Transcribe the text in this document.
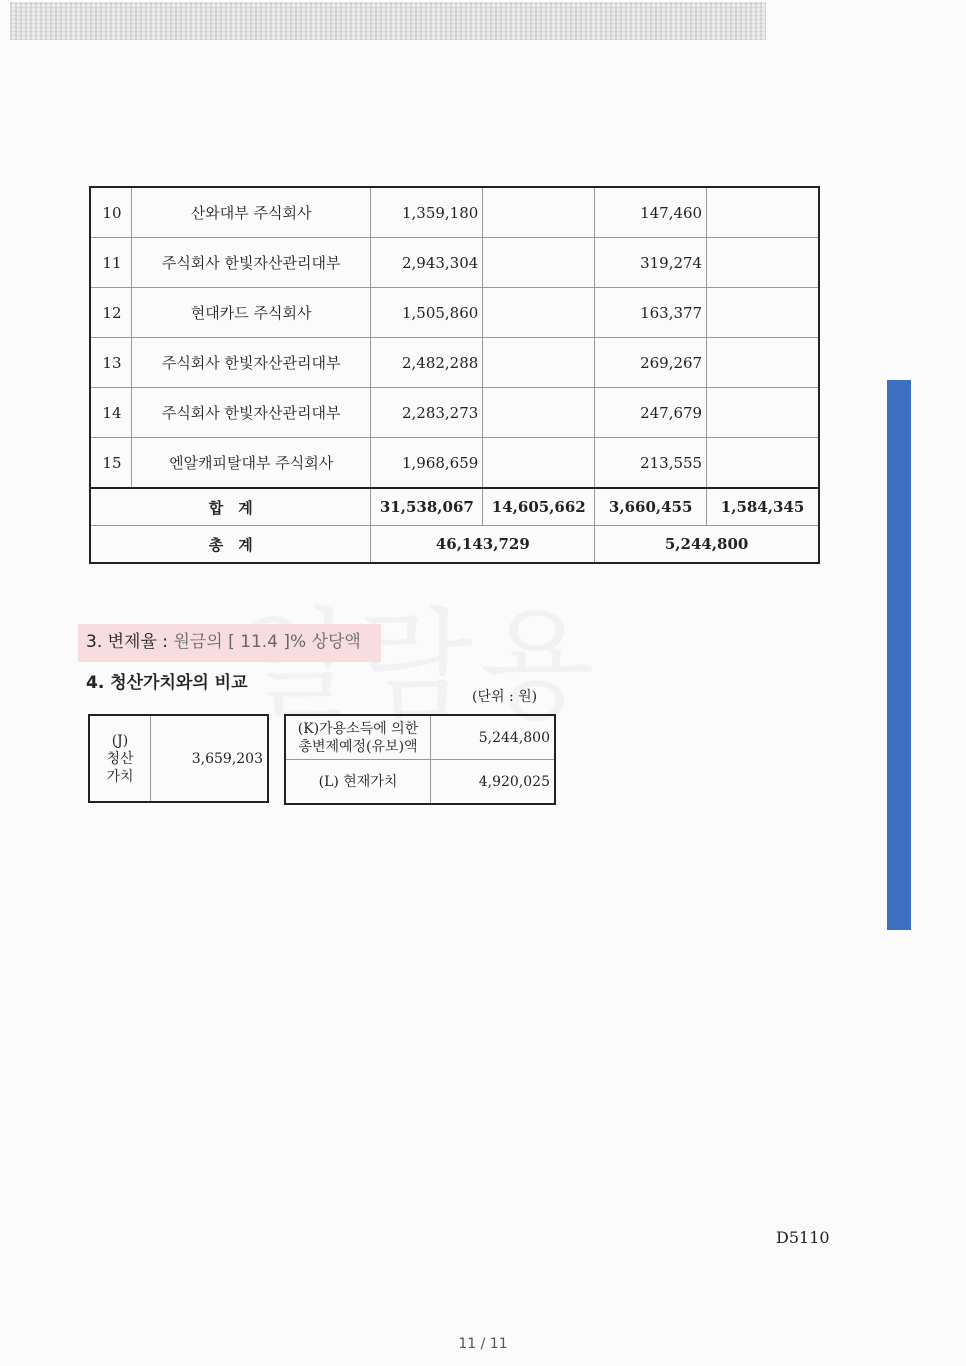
10	산와대부 주식회사	1,359,180		147,460	
11	주식회사 한빛자산관리대부	2,943,304		319,274	
12	현대카드 주식회사	1,505,860		163,377	
13	주식회사 한빛자산관리대부	2,482,288		269,267	
14	주식회사 한빛자산관리대부	2,283,273		247,679	
15	엔알캐피탈대부 주식회사	1,968,659		213,555	
합　계		31,538,067	14,605,662	3,660,455	1,584,345
총　계		46,143,729		5,244,800	
3. 변제율 : 원금의 [ 11.4 ]% 상당액
4. 청산가치와의 비교
(단위 : 원)
(J)
청산
가치
	3,659,203
(K)가용소득에 의한
총변제예정(유보)액	5,244,800
(L) 현재가치	4,920,025
D5110
11 / 11
